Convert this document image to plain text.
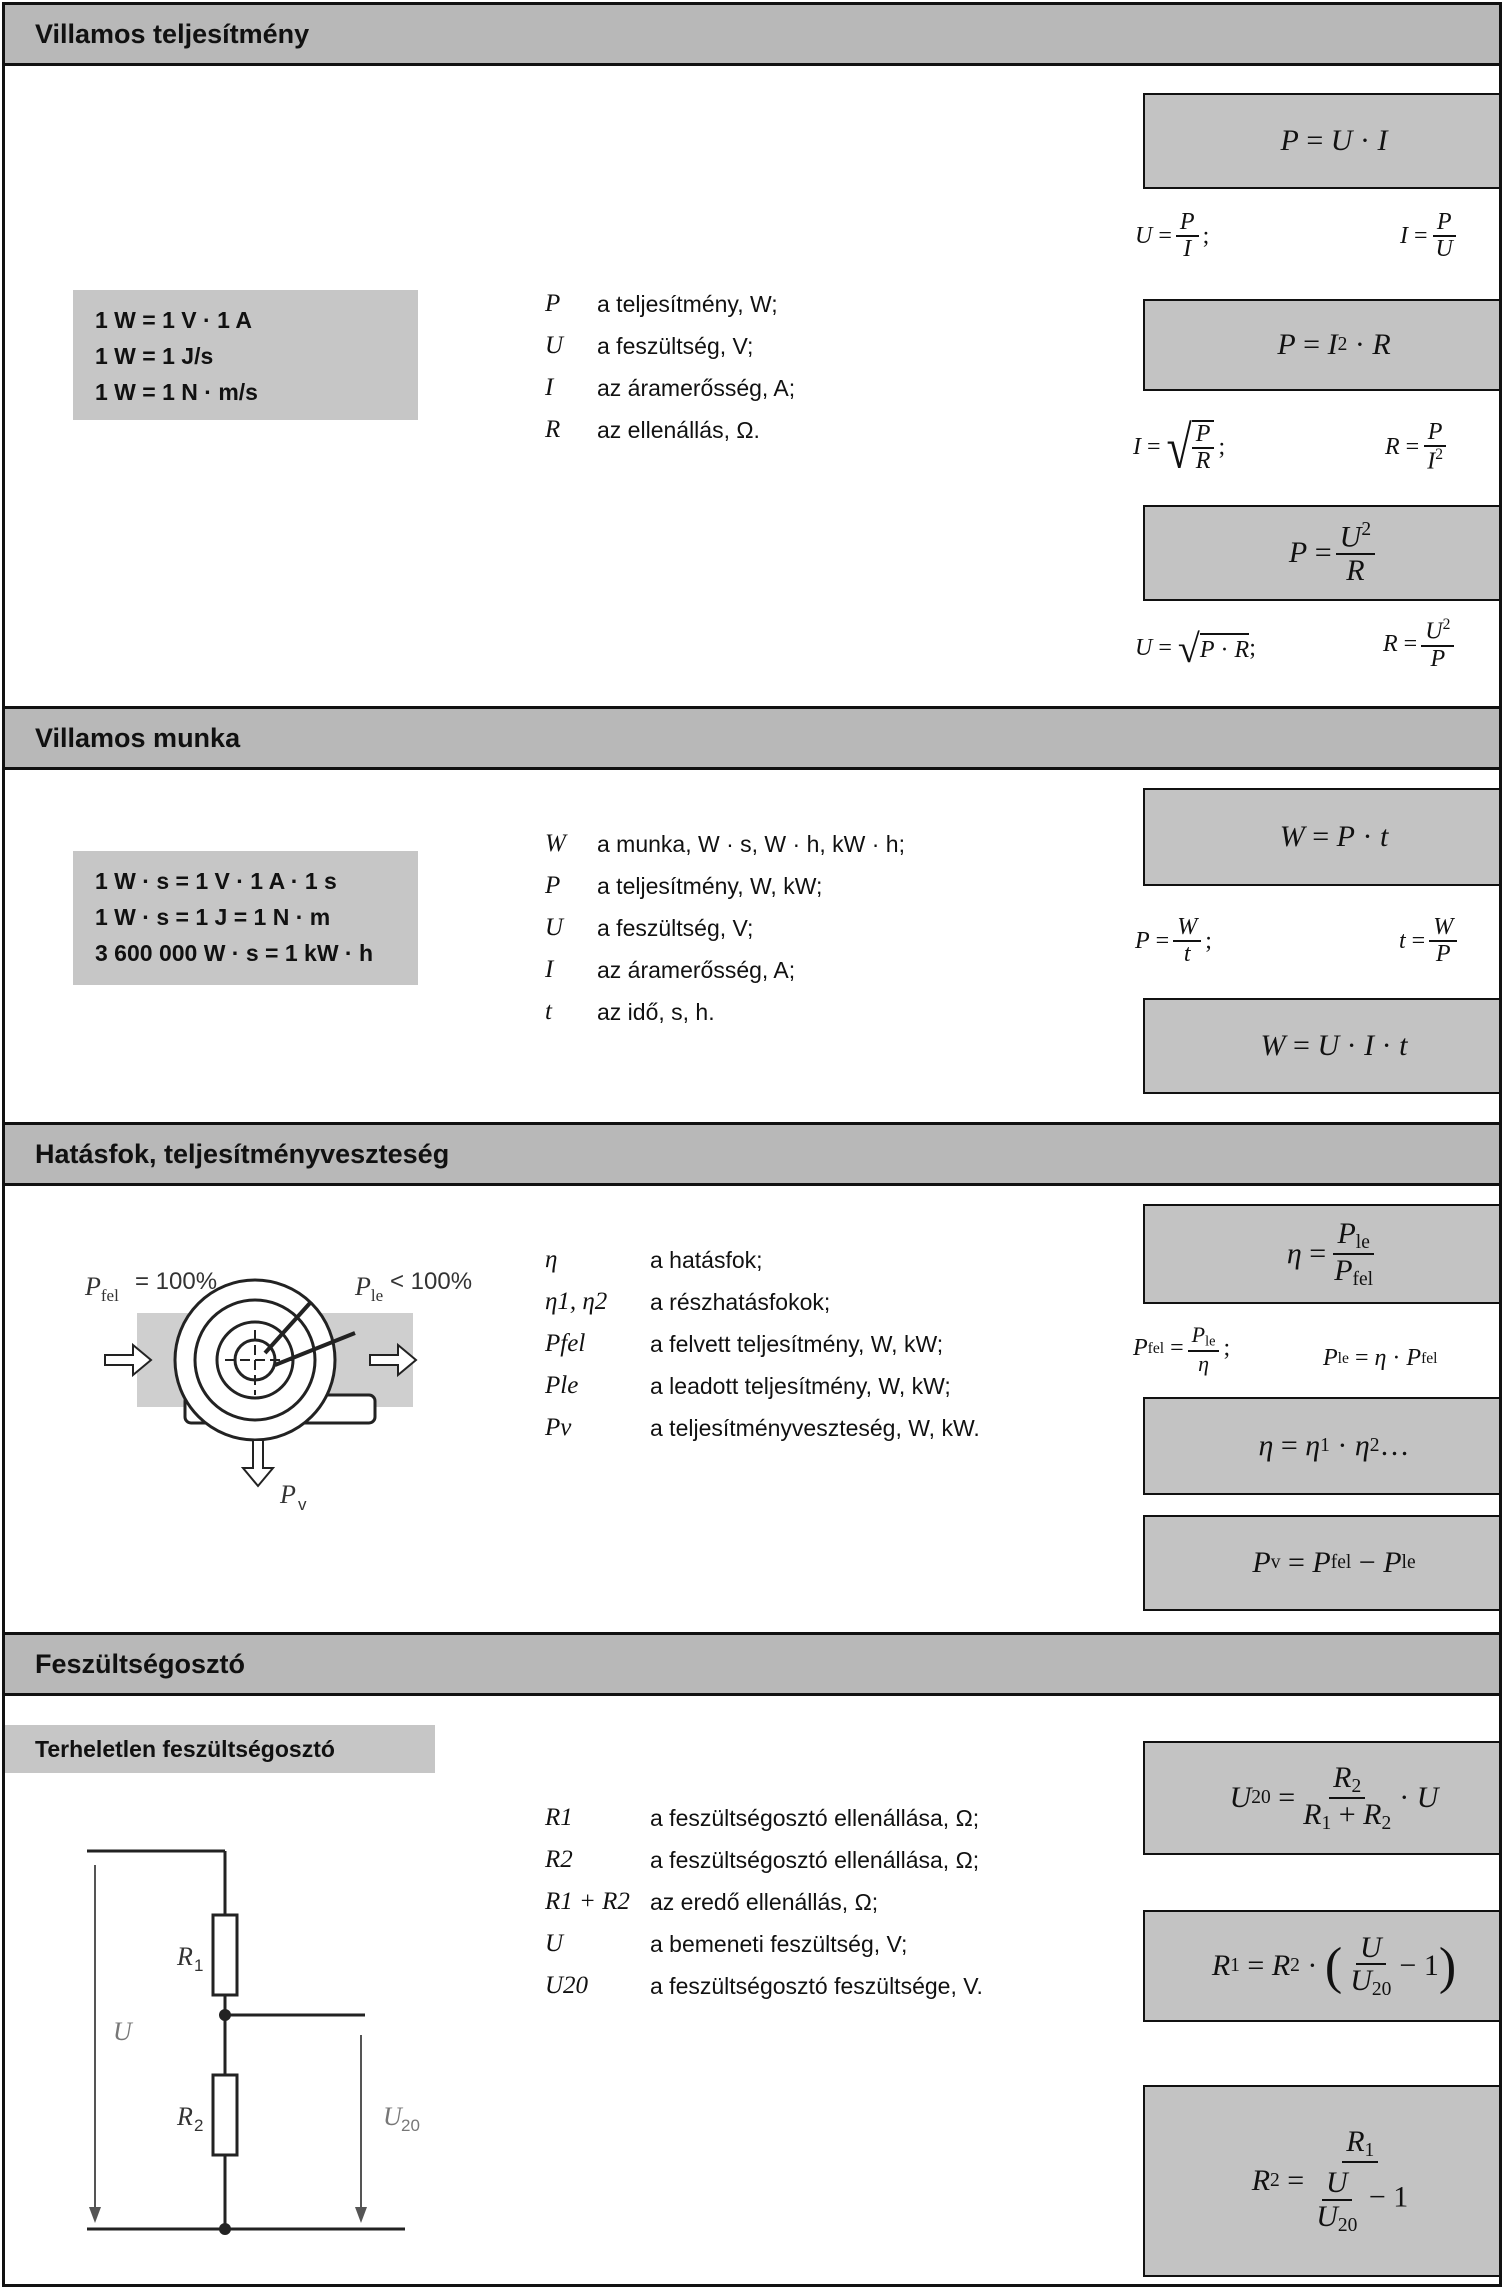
Villamos teljesítmény
1 W = 1 V · 1 A
1 W = 1 J/s
1 W = 1 N · m/s
P	a teljesítmény, W;
U	a feszültség, V;
I	az áramerősség, A;
R	az ellenállás, Ω.
P = U · I
$U = \frac{P}{I}$ ;	$I = \frac{P}{U}$
P = I 2 · R
I = √ $\frac{P}{R}$ ;	$R = \frac{P}{I^2}$
$P = \frac{U^2}{R}$
U = √ P · R ;	$R = \frac{U^2}{P}$
Villamos munka
1 W · s = 1 V · 1 A · 1 s
1 W · s = 1 J = 1 N · m
3 600 000 W · s = 1 kW · h
W	a munka, W · s, W · h, kW · h;
P	a teljesítmény, W, kW;
U	a feszültség, V;
I	az áramerősség, A;
t	az idő, s, h.
W = P · t
$P = \frac{W}{t}$ ;	$t = \frac{W}{P}$
W = U · I · t
Hatásfok, teljesítményveszteség
$P_{fel}$
= 100%	$P_{le}$
< 100%
P v
η	a hatásfok;
η1, η2	a részhatásfokok;
Pfel	a felvett teljesítmény, W, kW;
Ple	a leadott teljesítmény, W, kW;
Pv	a teljesítményveszteség, W, kW.
$\eta = \frac{P_{le}}{P_{fel}}$
P fel = $\frac{P_{le}}{\eta}$ ;	P le = η · P fel
η = η 1 · η 2 …
P v = P fel − P le
Feszültségosztó
Terheletlen feszültségosztó
R 1
R 2
U
U 20
R1	a feszültségosztó ellenállása, Ω;
R2	a feszültségosztó ellenállása, Ω;
R1 + R2 az eredő ellenállás, Ω;
U	a bemeneti feszültség, V;
U20	a feszültségosztó feszültsége, V.
U $20 = \frac{R_2}{R_1 + R_2} \cdot U$
R 1 = R 2 · ( $\frac{U}{U_{20}} - 1$ )
R $2 = \frac{R_1}{\frac{U}{U_{20}} - 1}$
